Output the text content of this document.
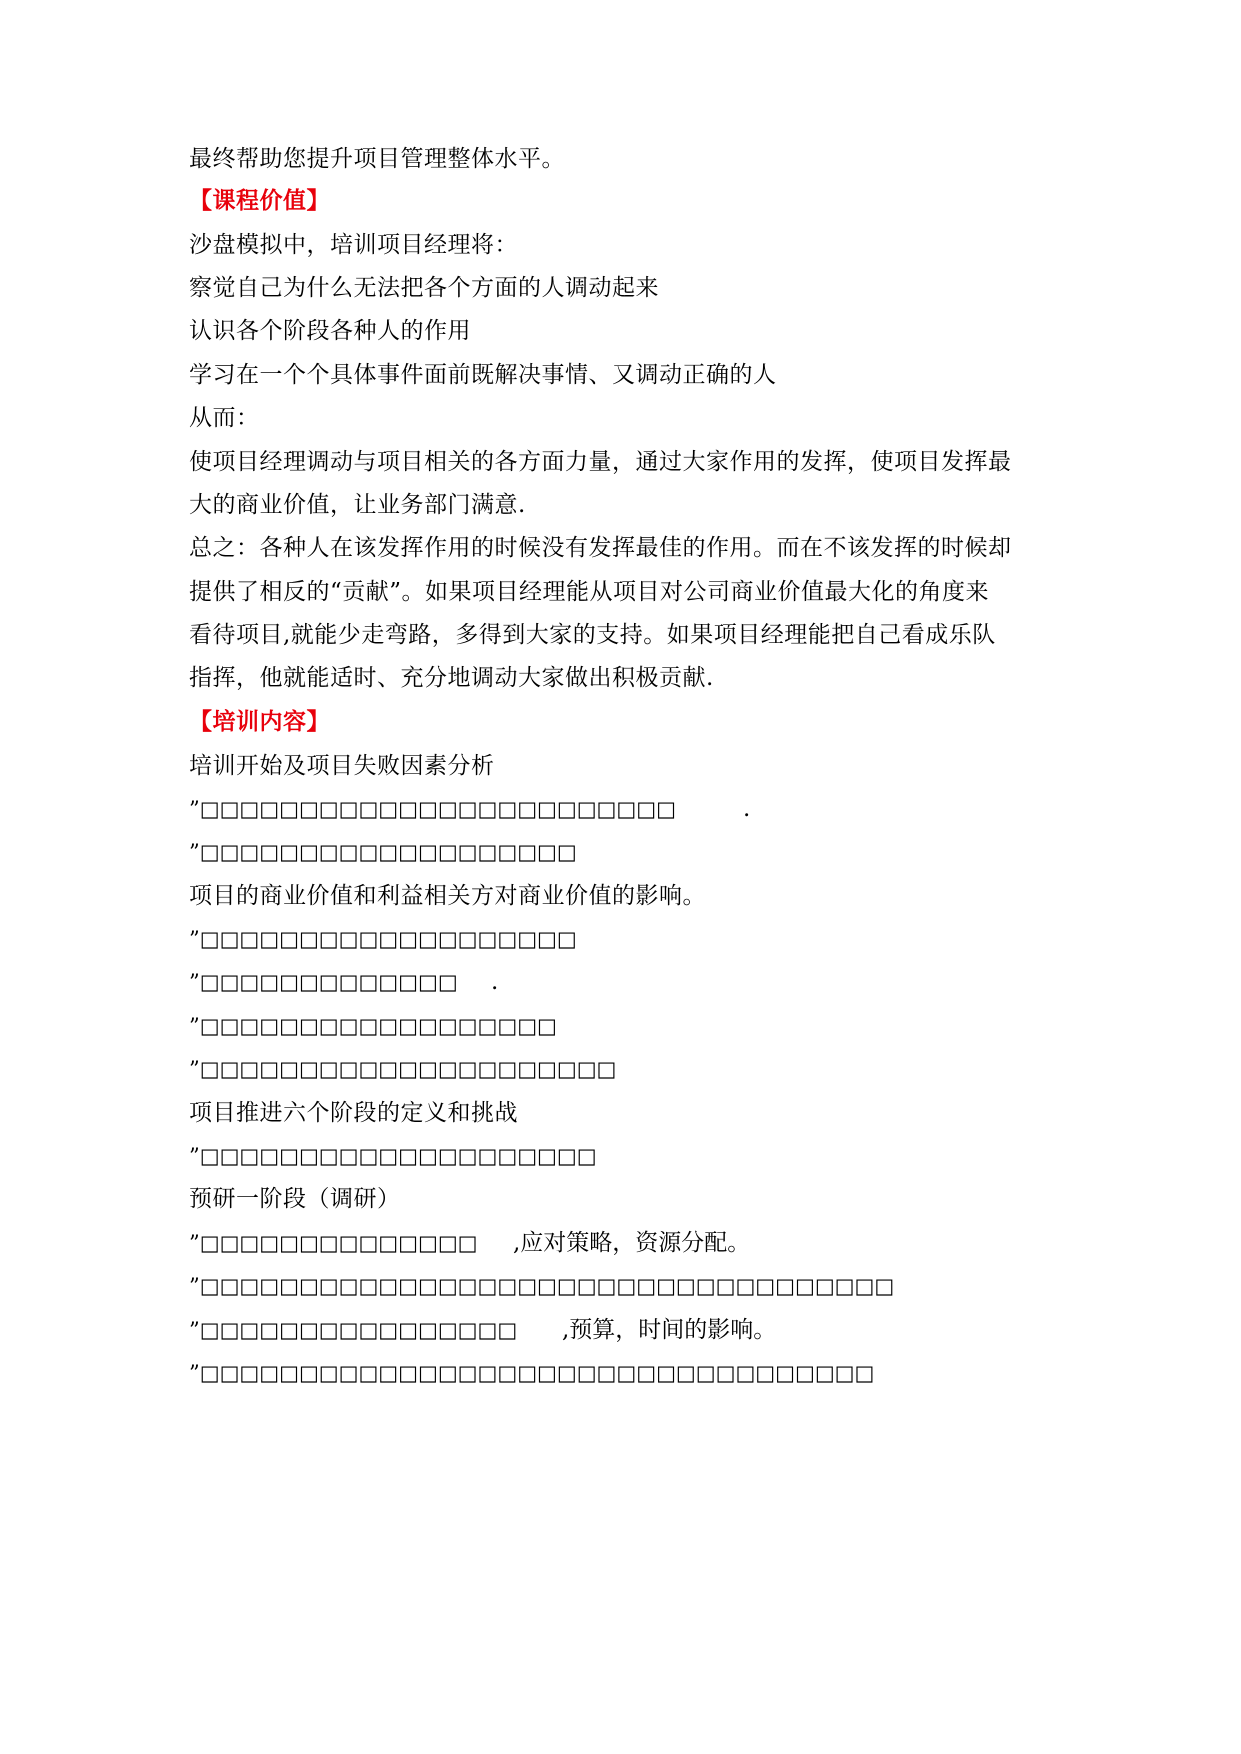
最终帮助您提升项目管理整体水平。
【课程价值】
沙盘模拟中，培训项目经理将：
察觉自己为什么无法把各个方面的人调动起来
认识各个阶段各种人的作用
学习在一个个具体事件面前既解决事情、又调动正确的人
从而：
使项目经理调动与项目相关的各方面力量，通过大家作用的发挥，使项目发挥最
大的商业价值，让业务部门满意.
总之：各种人在该发挥作用的时候没有发挥最佳的作用。而在不该发挥的时候却
提供了相反的“贡献”。如果项目经理能从项目对公司商业价值最大化的角度来
看待项目,就能少走弯路，多得到大家的支持。如果项目经理能把自己看成乐队
指挥，他就能适时、充分地调动大家做出积极贡献.
【培训内容】
培训开始及项目失败因素分析
”□□□□□□□□□□□□□□□□□□□□□□□□	.
”□□□□□□□□□□□□□□□□□□□
项目的商业价值和利益相关方对商业价值的影响。
”□□□□□□□□□□□□□□□□□□□
”□□□□□□□□□□□□□ .
”□□□□□□□□□□□□□□□□□□
”□□□□□□□□□□□□□□□□□□□□□
项目推进六个阶段的定义和挑战
”□□□□□□□□□□□□□□□□□□□□
预研一阶段（调研）
”□□□□□□□□□□□□□□ ,应对策略，资源分配。
”□□□□□□□□□□□□□□□□□□□□□□□□□□□□□□□□□□□
”□□□□□□□□□□□□□□□□ ,预算，时间的影响。
”□□□□□□□□□□□□□□□□□□□□□□□□□□□□□□□□□□
